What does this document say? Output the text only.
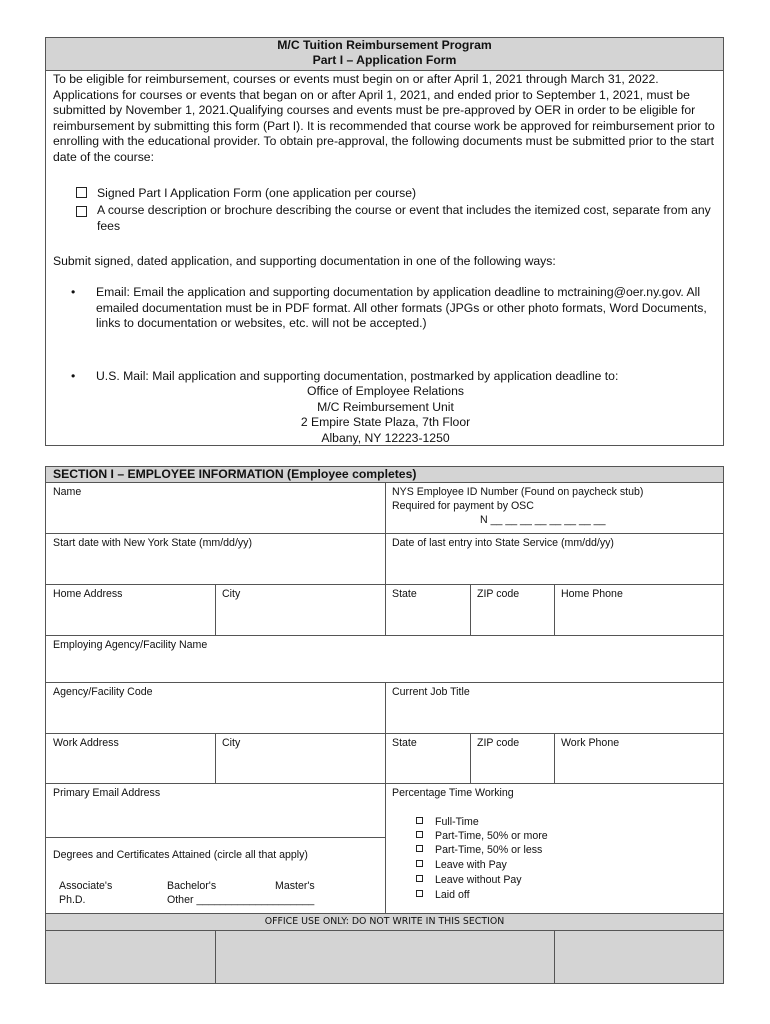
M/C Tuition Reimbursement Program
Part I – Application Form

To be eligible for reimbursement, courses or events must begin on or after April 1, 2021 through March 31, 2022. Applications for courses or events that began on or after April 1, 2021, and ended prior to September 1, 2021, must be submitted by November 1, 2021.Qualifying courses and events must be pre-approved by OER in order to be eligible for reimbursement by submitting this form (Part I). It is recommended that course work be approved for reimbursement prior to enrolling with the educational provider. To obtain pre-approval, the following documents must be submitted prior to the start date of the course:

Signed Part I Application Form (one application per course)
A course description or brochure describing the course or event that includes the itemized cost, separate from any fees

Submit signed, dated application, and supporting documentation in one of the following ways:

•	Email: Email the application and supporting documentation by application deadline to mctraining@oer.ny.gov. All emailed documentation must be in PDF format. All other formats (JPGs or other photo formats, Word Documents, links to documentation or websites, etc. will not be accepted.)
•	U.S. Mail: Mail application and supporting documentation, postmarked by application deadline to:
Office of Employee Relations
M/C Reimbursement Unit
2 Empire State Plaza, 7th Floor
Albany, NY 12223-1250
SECTION I – EMPLOYEE INFORMATION (Employee completes)
Name	NYS Employee ID Number (Found on paycheck stub)
Required for payment by OSC
N __ __ __ __ __ __ __ __
Start date with New York State (mm/dd/yy)	Date of last entry into State Service (mm/dd/yy)
Home Address	City	State	ZIP code	Home Phone
Employing Agency/Facility Name
Agency/Facility Code	Current Job Title
Work Address	City	State	ZIP code	Work Phone
Primary Email Address
Degrees and Certificates Attained (circle all that apply)
Associate's	Bachelor's	Master's
Ph.D.	Other ____________________
Percentage Time Working
Full-Time
Part-Time, 50% or more
Part-Time, 50% or less
Leave with Pay
Leave without Pay
Laid off
OFFICE USE ONLY: DO NOT WRITE IN THIS SECTION
